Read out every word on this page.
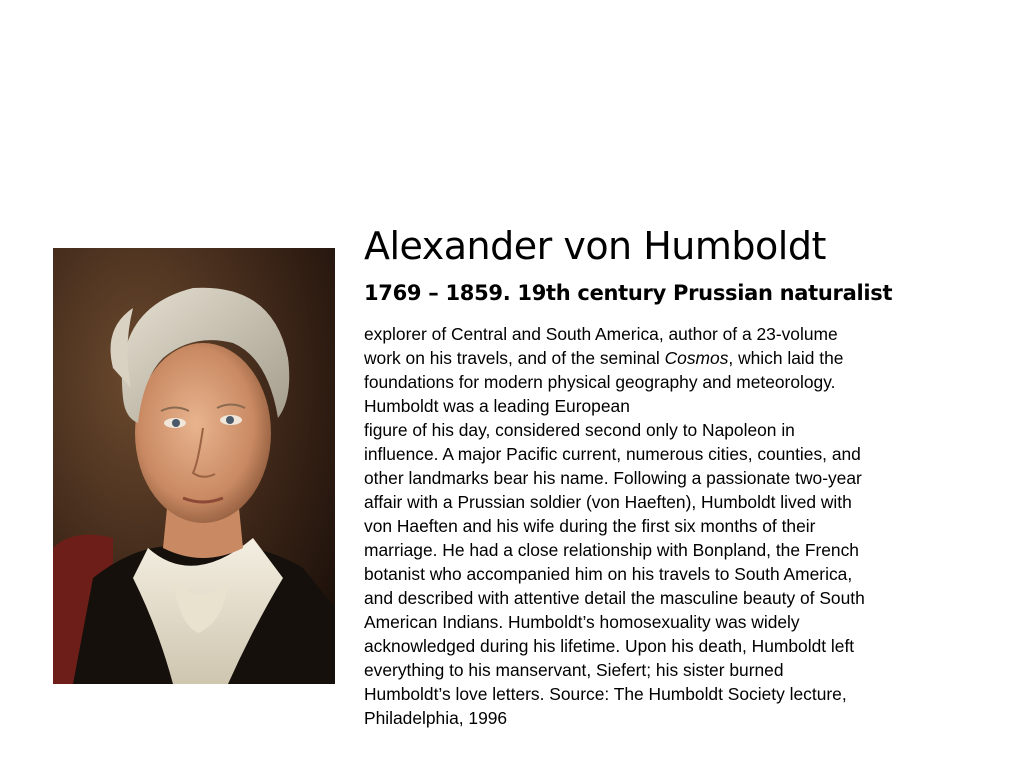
Alexander von Humboldt
1769 – 1859. 19th century Prussian naturalist

explorer of Central and South America, author of a 23-volume
work on his travels, and of the seminal Cosmos, which laid the
foundations for modern physical geography and meteorology.
Humboldt was a leading European
figure of his day, considered second only to Napoleon in
influence. A major Pacific current, numerous cities, counties, and
other landmarks bear his name. Following a passionate two-year
affair with a Prussian soldier (von Haeften), Humboldt lived with
von Haeften and his wife during the first six months of their
marriage. He had a close relationship with Bonpland, the French
botanist who accompanied him on his travels to South America,
and described with attentive detail the masculine beauty of South
American Indians. Humboldt’s homosexuality was widely
acknowledged during his lifetime. Upon his death, Humboldt left
everything to his manservant, Siefert; his sister burned
Humboldt’s love letters. Source: The Humboldt Society lecture,
Philadelphia, 1996
